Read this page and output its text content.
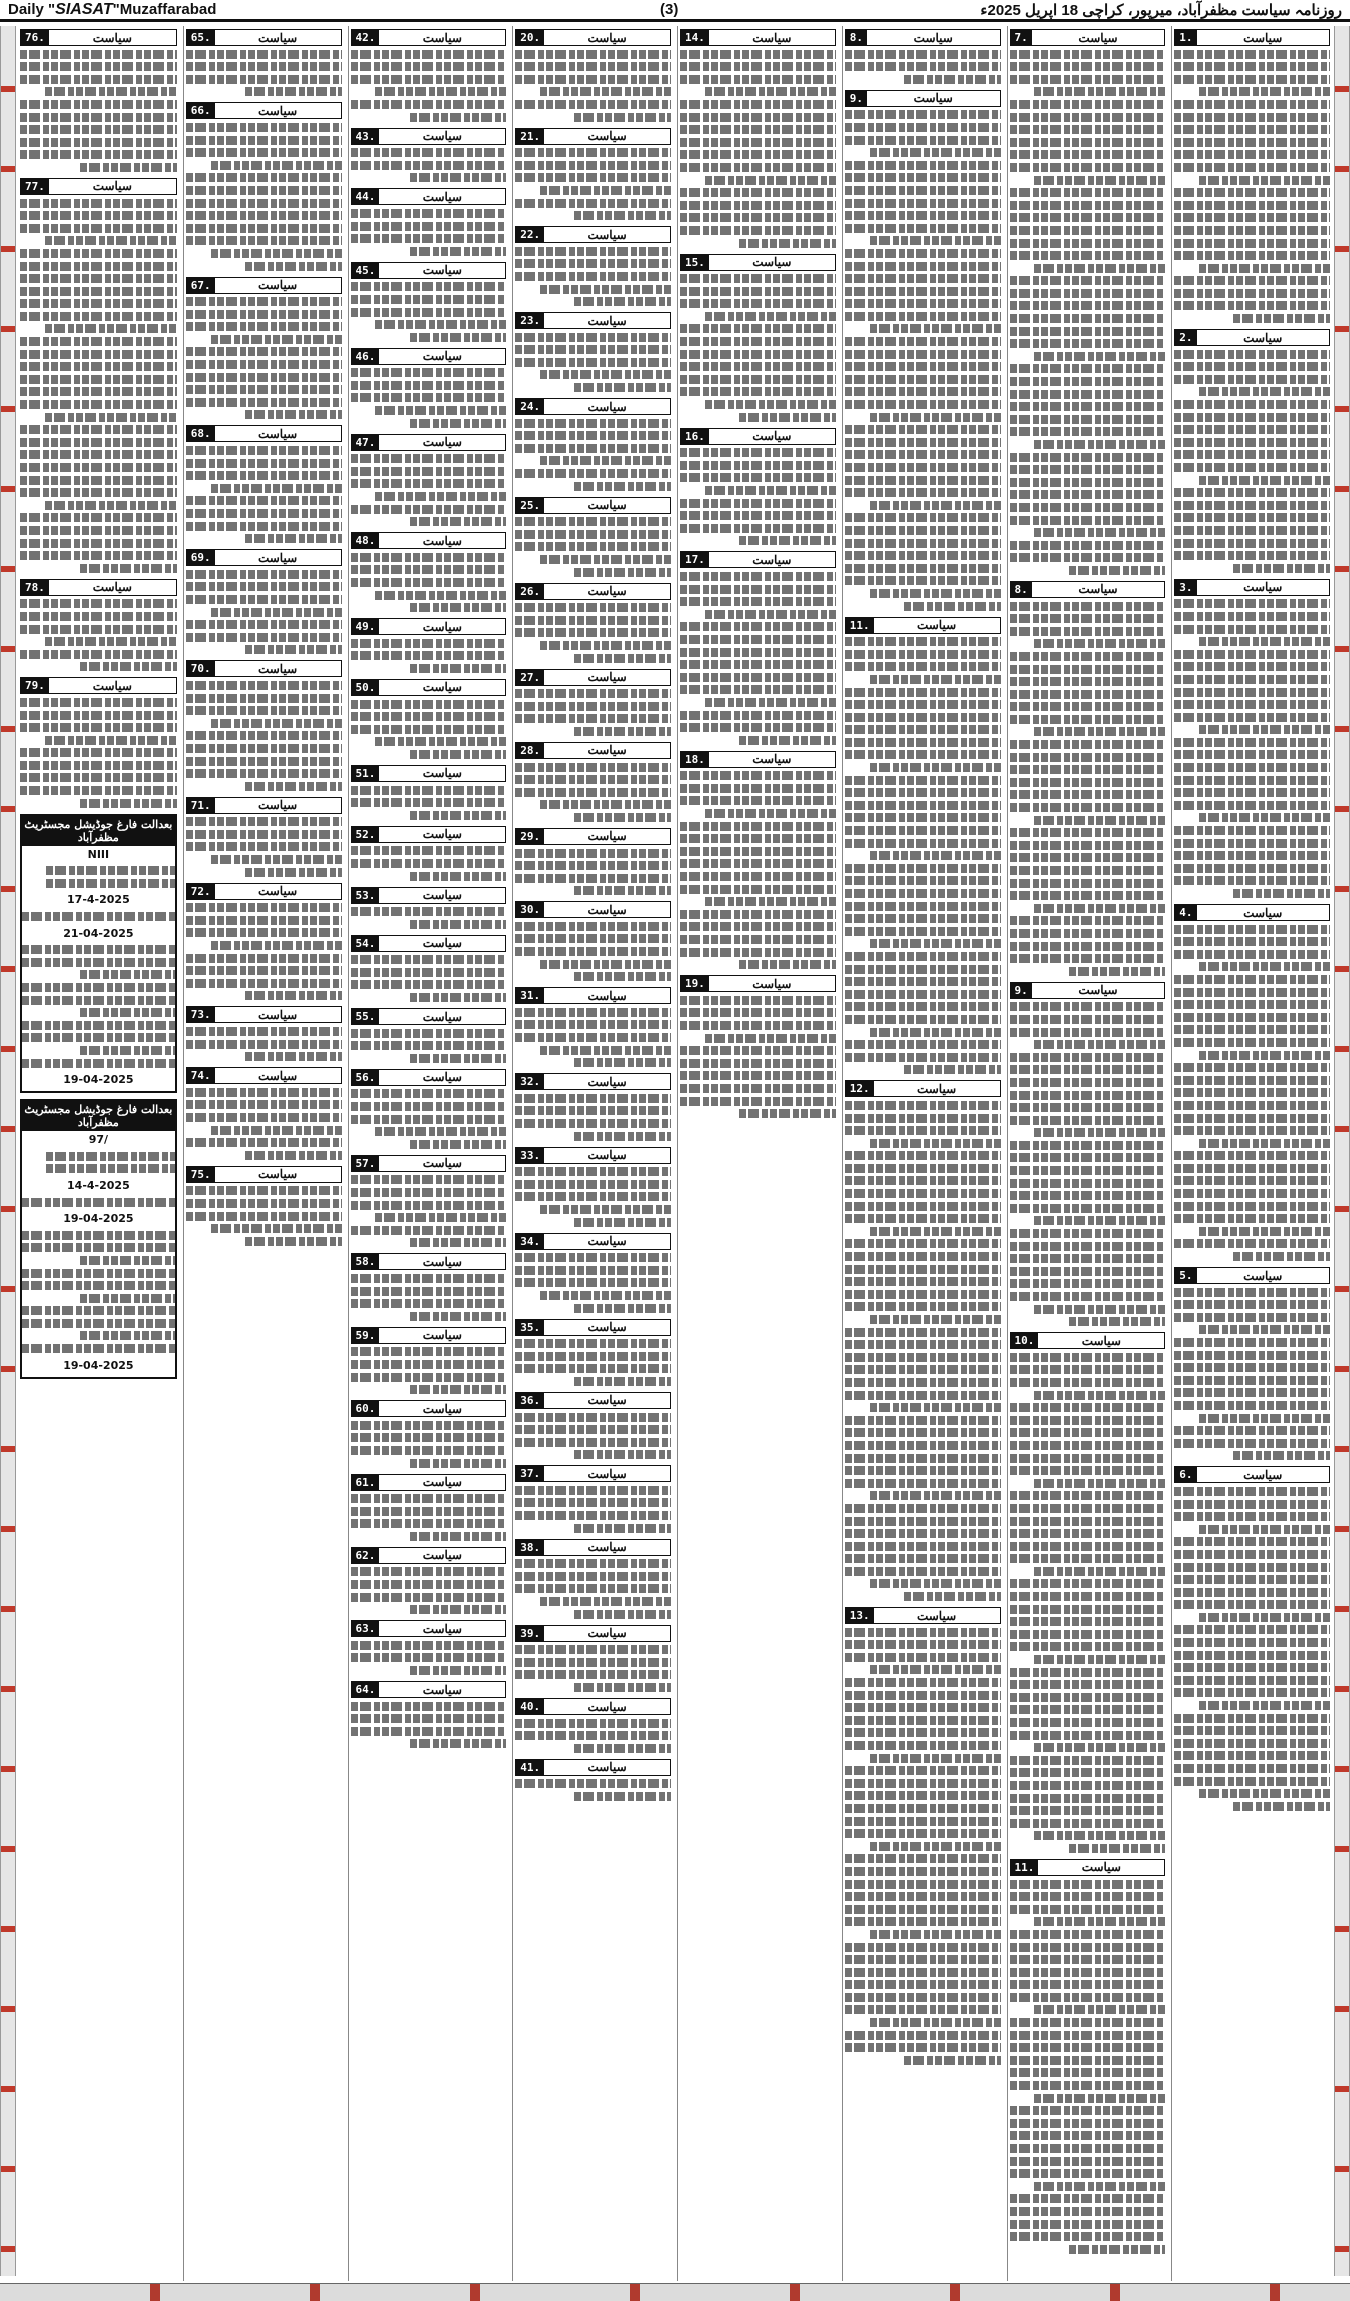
Daily "SIASAT"Muzaffarabad	(3)	روزنامہ سیاست مظفرآباد، میرپور، کراچی 18 اپریل 2025ء
سیاست
1.
سیاست
2.
سیاست
3.
سیاست
4.
سیاست
5.
سیاست
6.
سیاست
7.
سیاست
8.
سیاست
9.
سیاست
10.
سیاست
11.
سیاست
8.
سیاست
9.
سیاست
11.
سیاست
12.
سیاست
13.
سیاست
14.
سیاست
15.
سیاست
16.
سیاست
17.
سیاست
18.
سیاست
19.
سیاست
20.
سیاست
21.
سیاست
22.
سیاست
23.
سیاست
24.
سیاست
25.
سیاست
26.
سیاست
27.
سیاست
28.
سیاست
29.
سیاست
30.
سیاست
31.
سیاست
32.
سیاست
33.
سیاست
34.
سیاست
35.
سیاست
36.
سیاست
37.
سیاست
38.
سیاست
39.
سیاست
40.
سیاست
41.
سیاست
42.
سیاست
43.
سیاست
44.
سیاست
45.
سیاست
46.
سیاست
47.
سیاست
48.
سیاست
49.
سیاست
50.
سیاست
51.
سیاست
52.
سیاست
53.
سیاست
54.
سیاست
55.
سیاست
56.
سیاست
57.
سیاست
58.
سیاست
59.
سیاست
60.
سیاست
61.
سیاست
62.
سیاست
63.
سیاست
64.
سیاست
65.
سیاست
66.
سیاست
67.
سیاست
68.
سیاست
69.
سیاست
70.
سیاست
71.
سیاست
72.
سیاست
73.
سیاست
74.
سیاست
75.
سیاست
76.
سیاست
77.
سیاست
78.
سیاست
79.
بعدالت فارغ جوڈیشل مجسٹریٹ مظفرآباد
NIII
17-4-2025
21-04-2025
19-04-2025
بعدالت فارغ جوڈیشل مجسٹریٹ مظفرآباد
97/
14-4-2025
19-04-2025
19-04-2025
